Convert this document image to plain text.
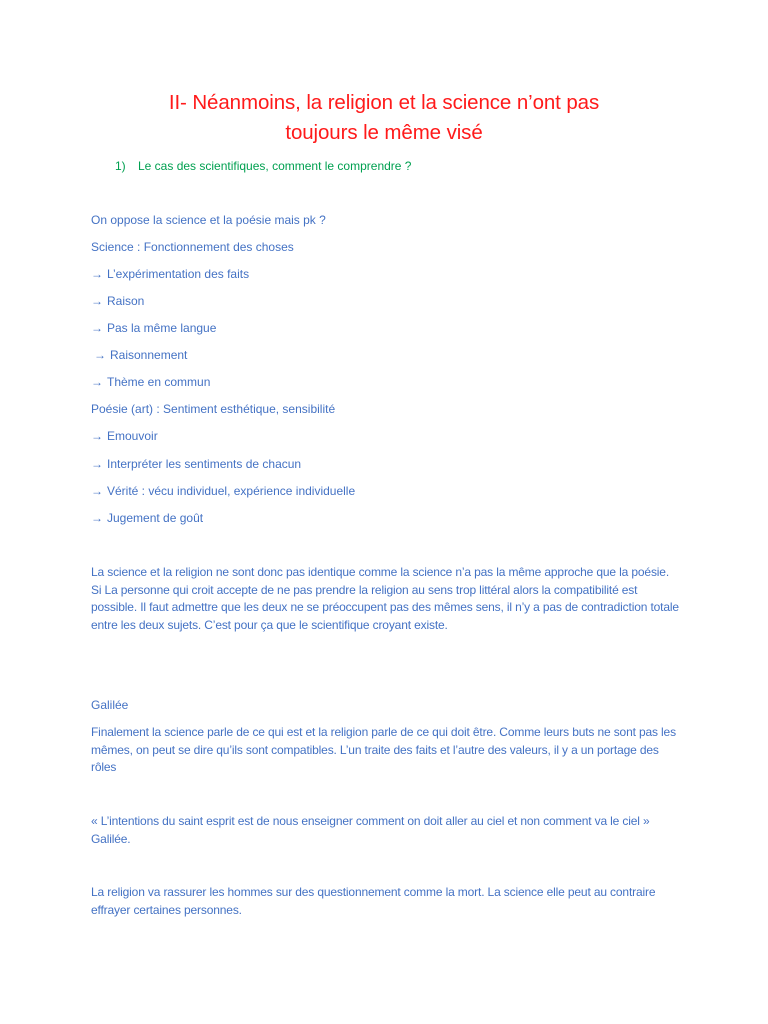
II- Néanmoins, la religion et la science n’ont pas
toujours le même visé
1) Le cas des scientifiques, comment le comprendre ?
On oppose la science et la poésie mais pk ?
Science : Fonctionnement des choses
→ L’expérimentation des faits
→ Raison
→ Pas la même langue
→ Raisonnement
→ Thème en commun
Poésie (art) : Sentiment esthétique, sensibilité
→ Emouvoir
→ Interpréter les sentiments de chacun
→ Vérité : vécu individuel, expérience individuelle
→ Jugement de goût
La science et la religion ne sont donc pas identique comme la science n’a pas la même approche que la poésie. Si La personne qui croit accepte de ne pas prendre la religion au sens trop littéral alors la compatibilité est possible. Il faut admettre que les deux ne se préoccupent pas des mêmes sens, il n’y a pas de contradiction totale entre les deux sujets. C’est pour ça que le scientifique croyant existe.
Galilée
Finalement la science parle de ce qui est et la religion parle de ce qui doit être. Comme leurs buts ne sont pas les mêmes, on peut se dire qu’ils sont compatibles. L’un traite des faits et l’autre des valeurs, il y a un portage des rôles
« L’intentions du saint esprit est de nous enseigner comment on doit aller au ciel et non comment va le ciel » Galilée.
La religion va rassurer les hommes sur des questionnement comme la mort. La science elle peut au contraire effrayer certaines personnes.
